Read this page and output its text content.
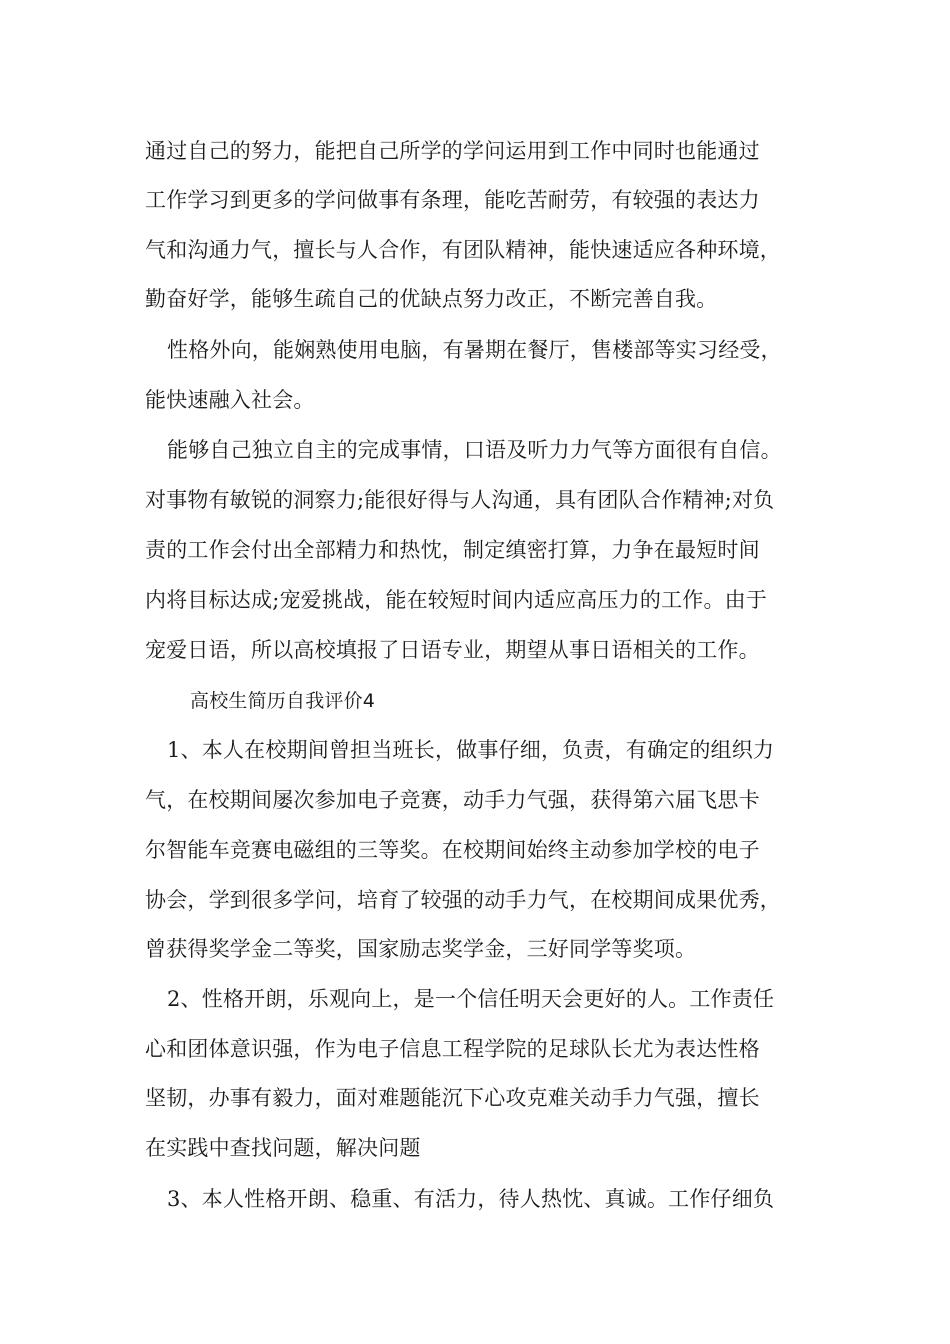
通过自己的努力，能把自己所学的学问运用到工作中同时也能通过
工作学习到更多的学问做事有条理，能吃苦耐劳，有较强的表达力
气和沟通力气，擅长与人合作，有团队精神，能快速适应各种环境，
勤奋好学，能够生疏自己的优缺点努力改正，不断完善自我。
性格外向，能娴熟使用电脑，有暑期在餐厅，售楼部等实习经受，
能快速融入社会。
能够自己独立自主的完成事情，口语及听力力气等方面很有自信。
对事物有敏锐的洞察力;能很好得与人沟通，具有团队合作精神;对负
责的工作会付出全部精力和热忱，制定缜密打算，力争在最短时间
内将目标达成;宠爱挑战，能在较短时间内适应高压力的工作。由于
宠爱日语，所以高校填报了日语专业，期望从事日语相关的工作。
高校生简历自我评价4
1、本人在校期间曾担当班长，做事仔细，负责，有确定的组织力
气，在校期间屡次参加电子竞赛，动手力气强，获得第六届飞思卡
尔智能车竞赛电磁组的三等奖。在校期间始终主动参加学校的电子
协会，学到很多学问，培育了较强的动手力气，在校期间成果优秀，
曾获得奖学金二等奖，国家励志奖学金，三好同学等奖项。
2、性格开朗，乐观向上，是一个信任明天会更好的人。工作责任
心和团体意识强，作为电子信息工程学院的足球队长尤为表达性格
坚韧，办事有毅力，面对难题能沉下心攻克难关动手力气强，擅长
在实践中查找问题，解决问题
3、本人性格开朗、稳重、有活力，待人热忱、真诚。工作仔细负
